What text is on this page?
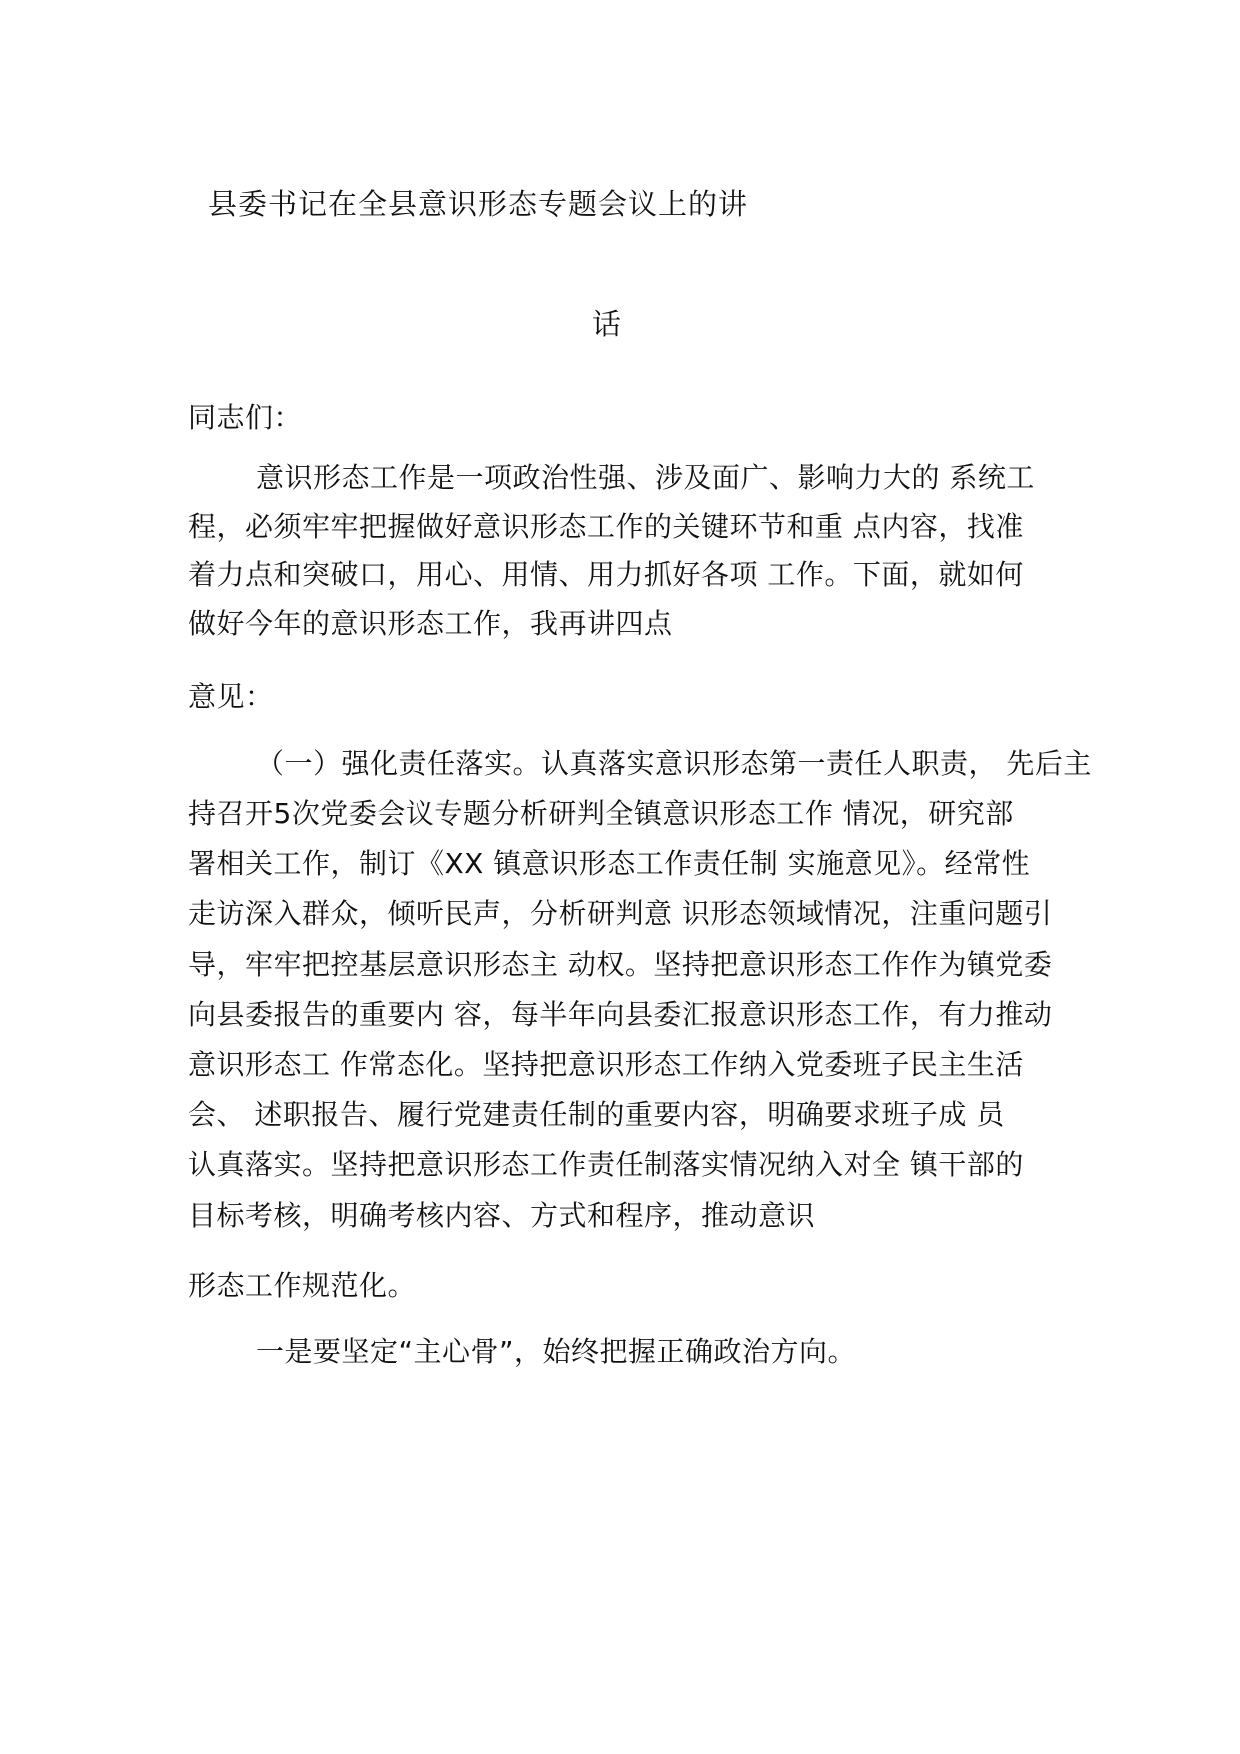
县委书记在全县意识形态专题会议上的讲
话
同志们：
意识形态工作是一项政治性强、涉及面广、影响力大的 系统工
程，必须牢牢把握做好意识形态工作的关键环节和重 点内容，找准
着力点和突破口，用心、用情、用力抓好各项 工作。下面，就如何
做好今年的意识形态工作，我再讲四点
意见：
（一）强化责任落实。认真落实意识形态第一责任人职责， 先后主
持召开5次党委会议专题分析研判全镇意识形态工作 情况，研究部
署相关工作，制订《XX 镇意识形态工作责任制 实施意见》。经常性
走访深入群众，倾听民声，分析研判意 识形态领域情况，注重问题引
导，牢牢把控基层意识形态主 动权。坚持把意识形态工作作为镇党委
向县委报告的重要内 容，每半年向县委汇报意识形态工作，有力推动
意识形态工 作常态化。坚持把意识形态工作纳入党委班子民主生活
会、 述职报告、履行党建责任制的重要内容，明确要求班子成 员
认真落实。坚持把意识形态工作责任制落实情况纳入对全 镇干部的
目标考核，明确考核内容、方式和程序，推动意识
形态工作规范化。
一是要坚定“主心骨”，始终把握正确政治方向。
